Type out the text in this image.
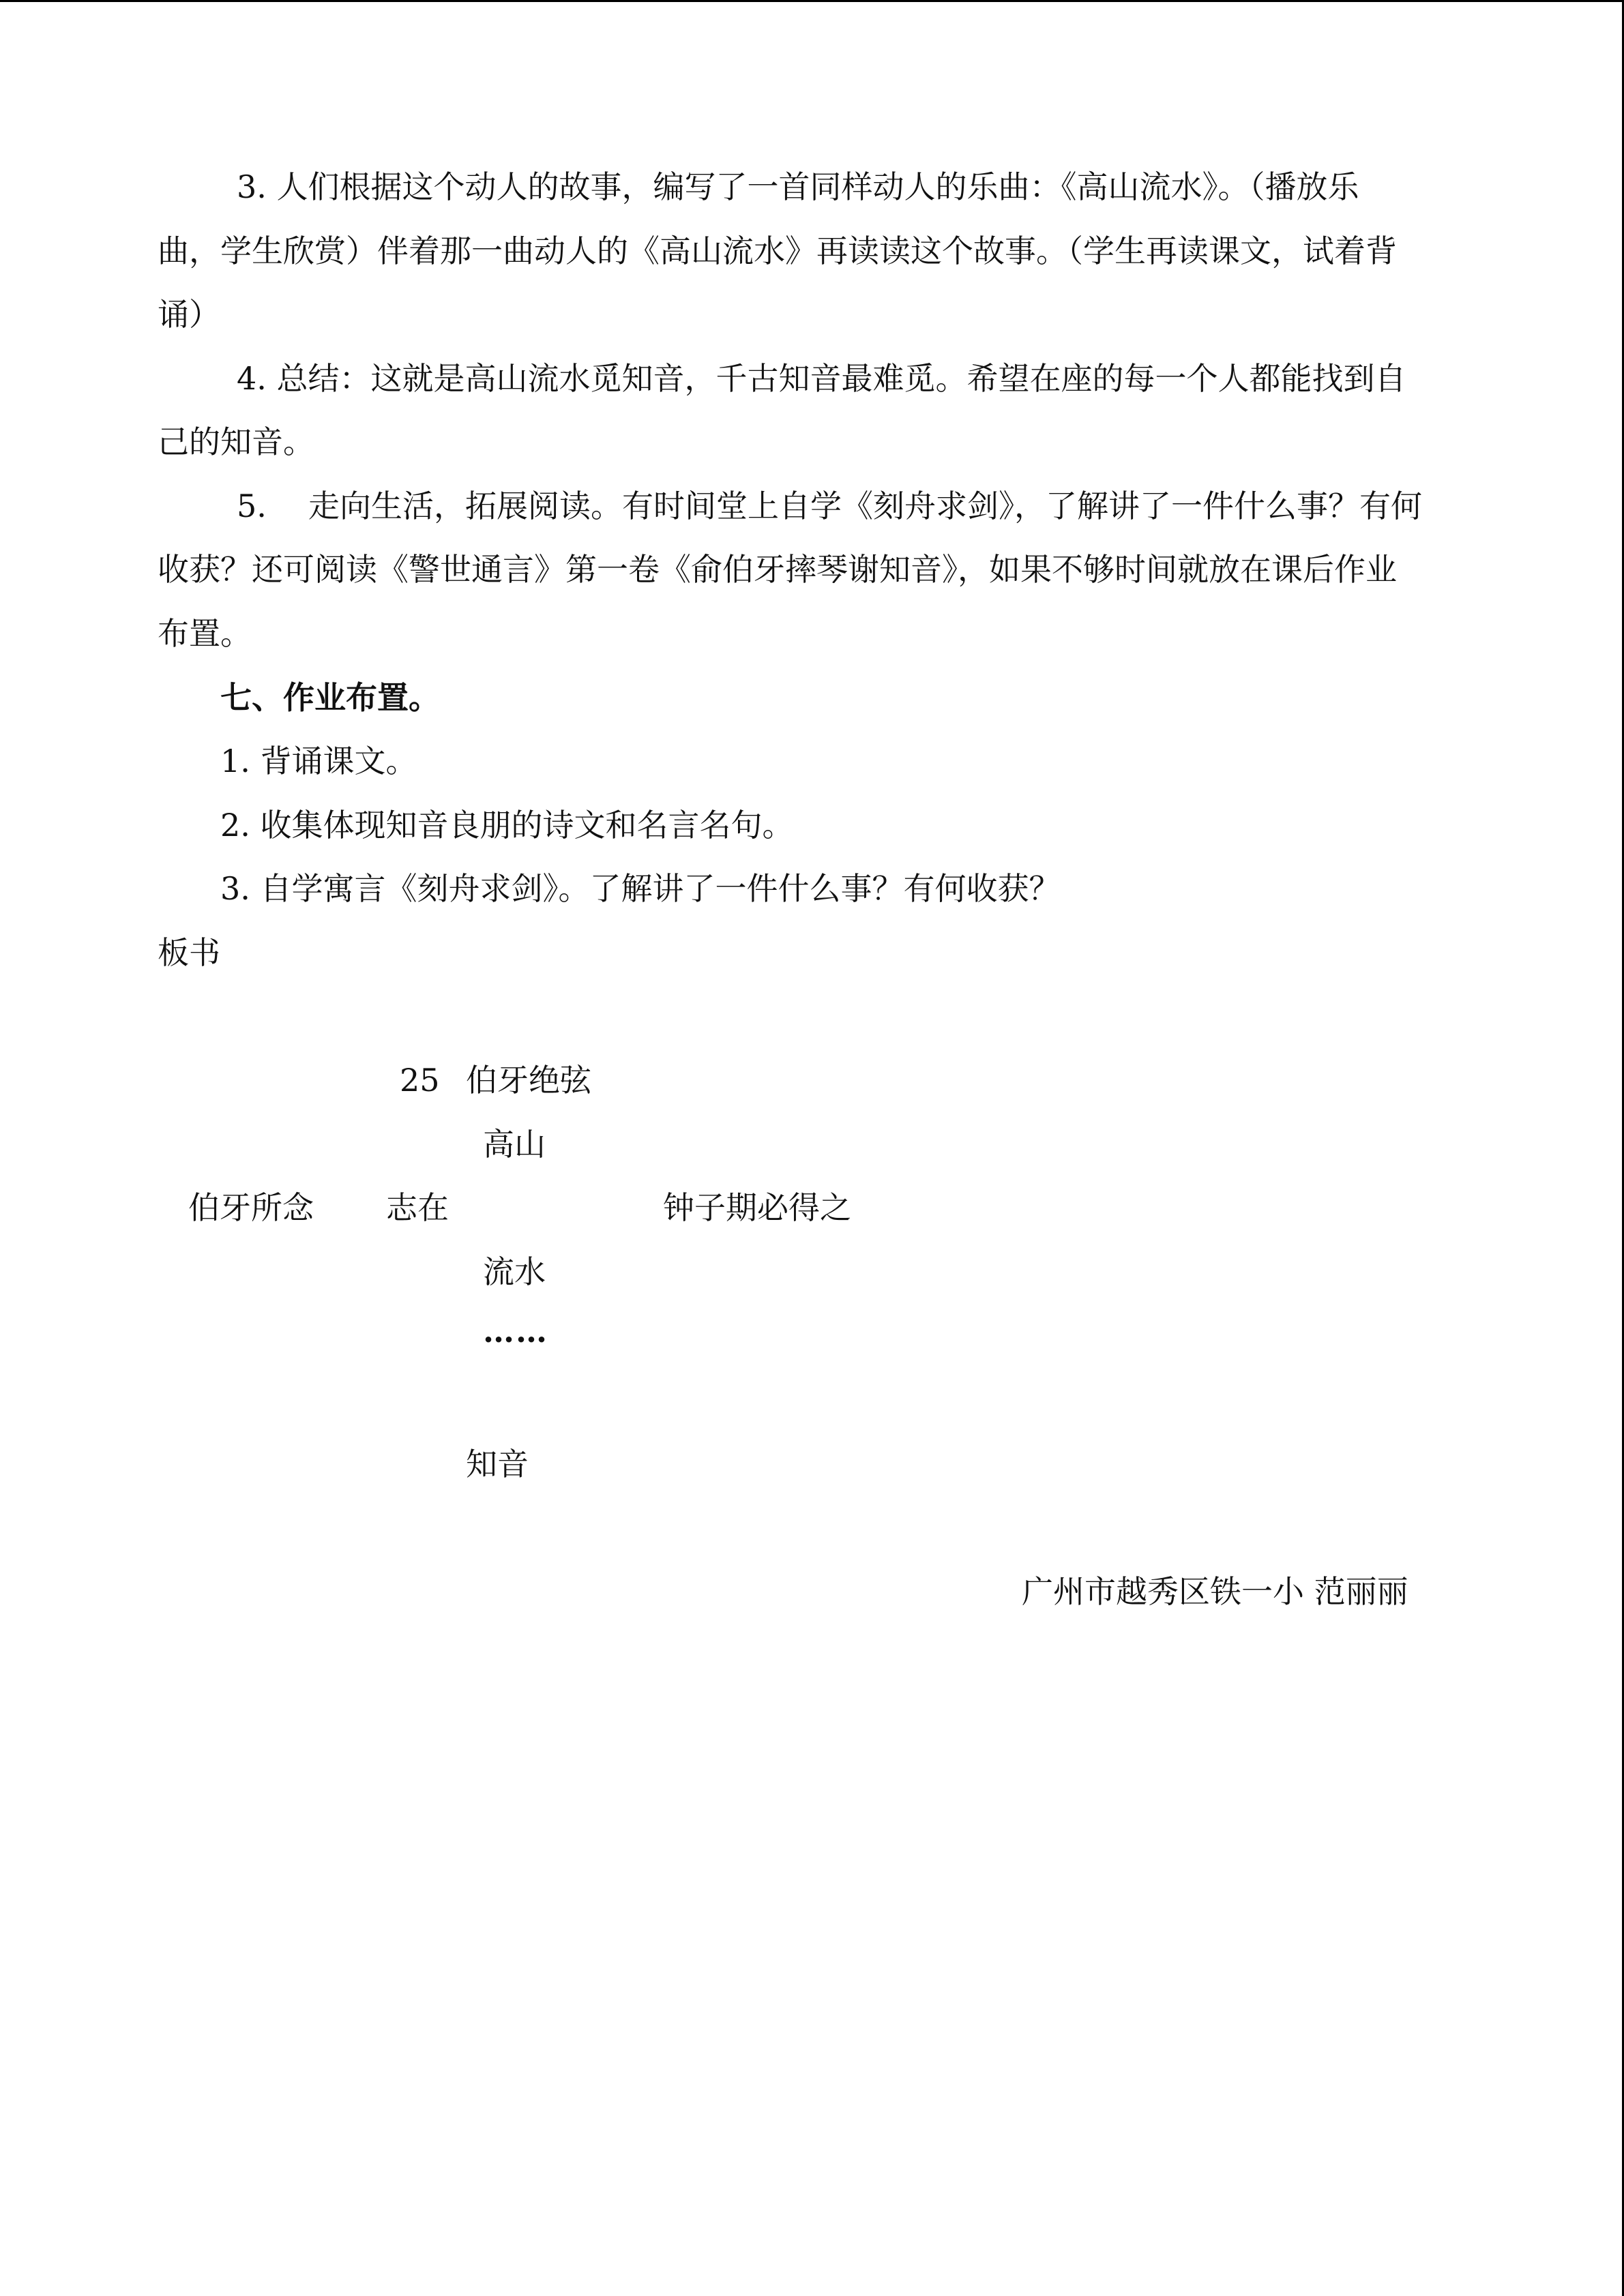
3. 人们根据这个动人的故事，编写了一首同样动人的乐曲：《高山流水》。（播放乐

曲，学生欣赏）伴着那一曲动人的《高山流水》再读读这个故事。（学生再读课文，试着背

诵）

4. 总结：这就是高山流水觅知音，千古知音最难觅。希望在座的每一个人都能找到自

己的知音。

5. 走向生活，拓展阅读。有时间堂上自学《刻舟求剑》，了解讲了一件什么事？有何

收获？还可阅读《警世通言》第一卷《俞伯牙摔琴谢知音》，如果不够时间就放在课后作业

布置。

七、作业布置。

1. 背诵课文。

2. 收集体现知音良朋的诗文和名言名句。

3. 自学寓言《刻舟求剑》。了解讲了一件什么事？有何收获？

板书

25 伯牙绝弦

高山

伯牙所念 志在	钟子期必得之

流水

……

知音

广州市越秀区铁一小 范丽丽
